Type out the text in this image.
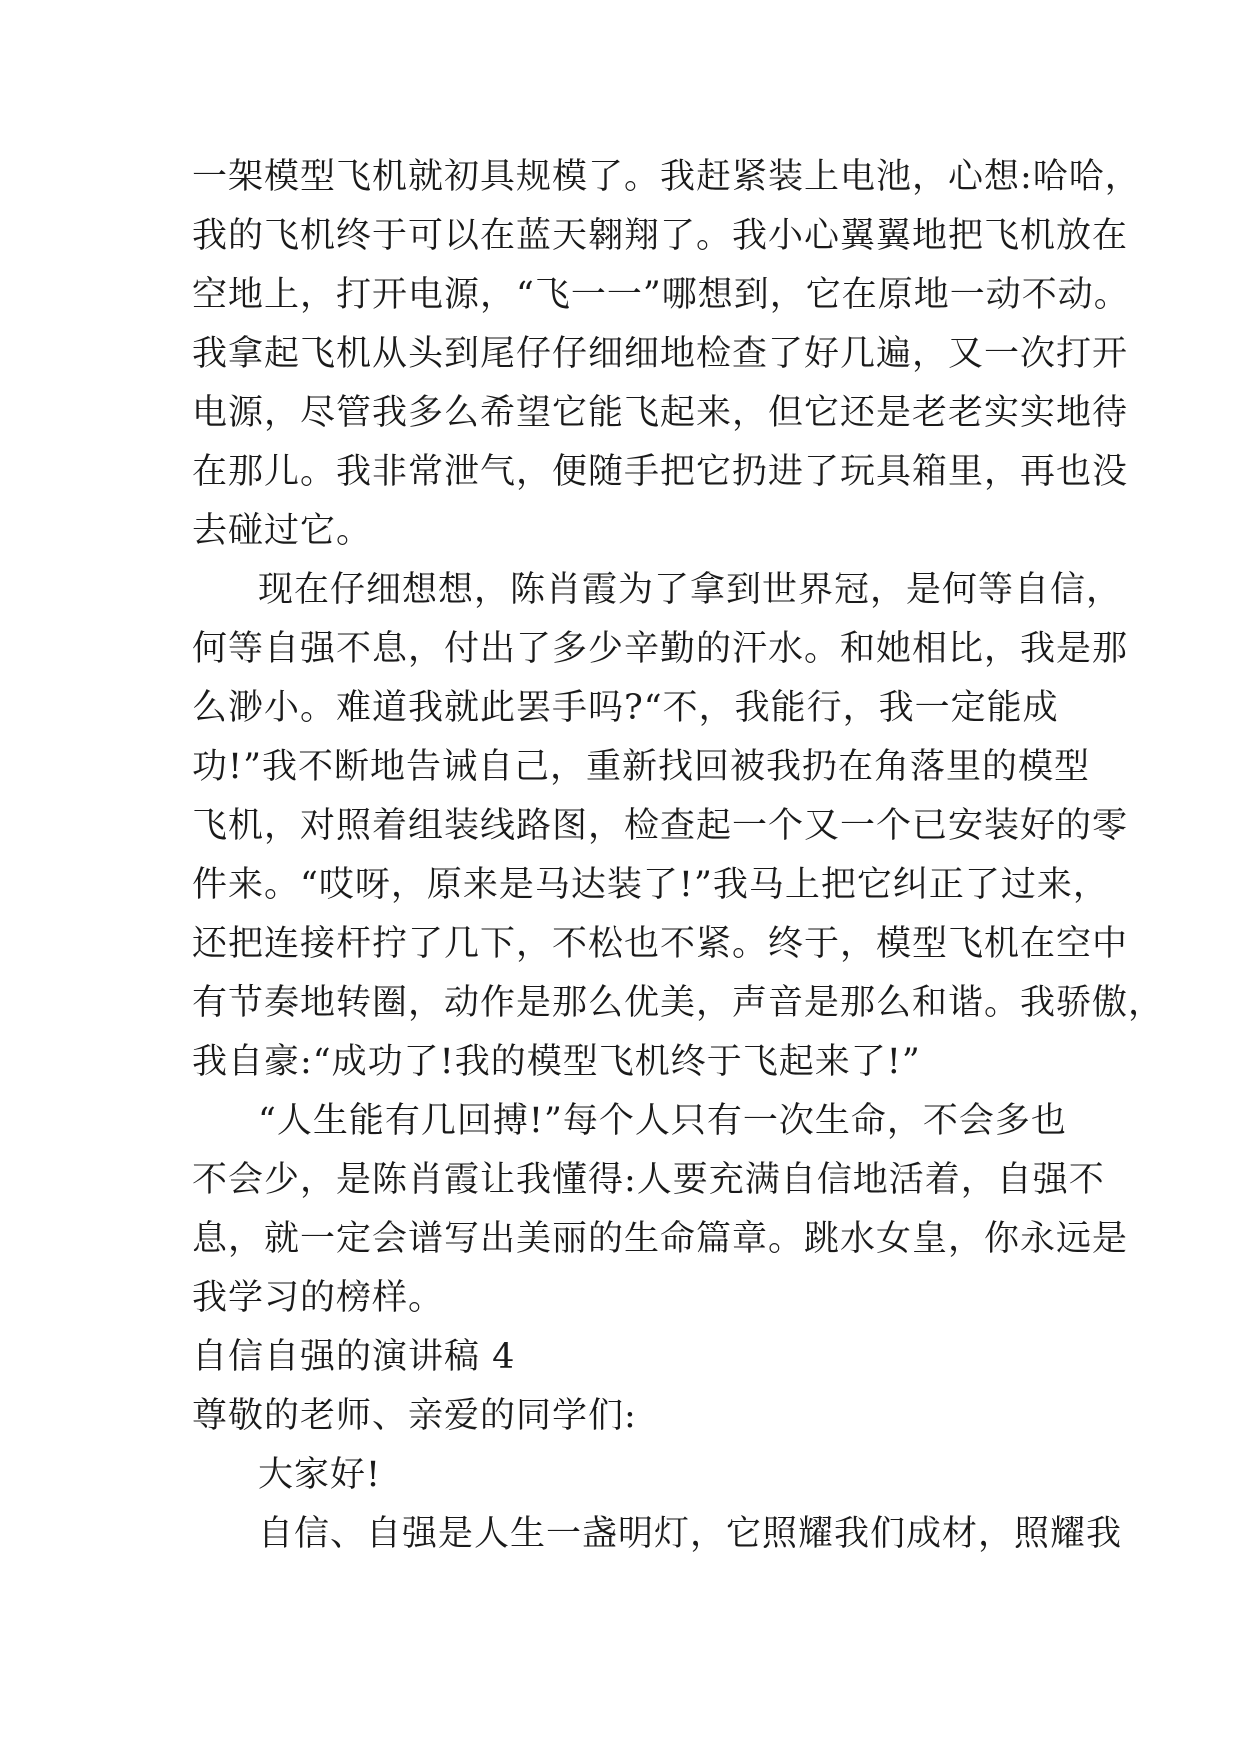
一架模型飞机就初具规模了。我赶紧装上电池，心想:哈哈，
我的飞机终于可以在蓝天翱翔了。我小心翼翼地把飞机放在
空地上，打开电源，“飞一一”哪想到，它在原地一动不动。
我拿起飞机从头到尾仔仔细细地检查了好几遍，又一次打开
电源，尽管我多么希望它能飞起来，但它还是老老实实地待
在那儿。我非常泄气，便随手把它扔进了玩具箱里，再也没
去碰过它。
现在仔细想想，陈肖霞为了拿到世界冠，是何等自信，
何等自强不息，付出了多少辛勤的汗水。和她相比，我是那
么渺小。难道我就此罢手吗?“不，我能行，我一定能成
功!”我不断地告诫自己，重新找回被我扔在角落里的模型
飞机，对照着组装线路图，检查起一个又一个已安装好的零
件来。“哎呀，原来是马达装了!”我马上把它纠正了过来，
还把连接杆拧了几下，不松也不紧。终于，模型飞机在空中
有节奏地转圈，动作是那么优美，声音是那么和谐。我骄傲，
我自豪:“成功了!我的模型飞机终于飞起来了!”
“人生能有几回搏!”每个人只有一次生命，不会多也
不会少，是陈肖霞让我懂得:人要充满自信地活着，自强不
息，就一定会谱写出美丽的生命篇章。跳水女皇，你永远是
我学习的榜样。
自信自强的演讲稿 4
尊敬的老师、亲爱的同学们:
大家好!
自信、自强是人生一盏明灯，它照耀我们成材，照耀我
